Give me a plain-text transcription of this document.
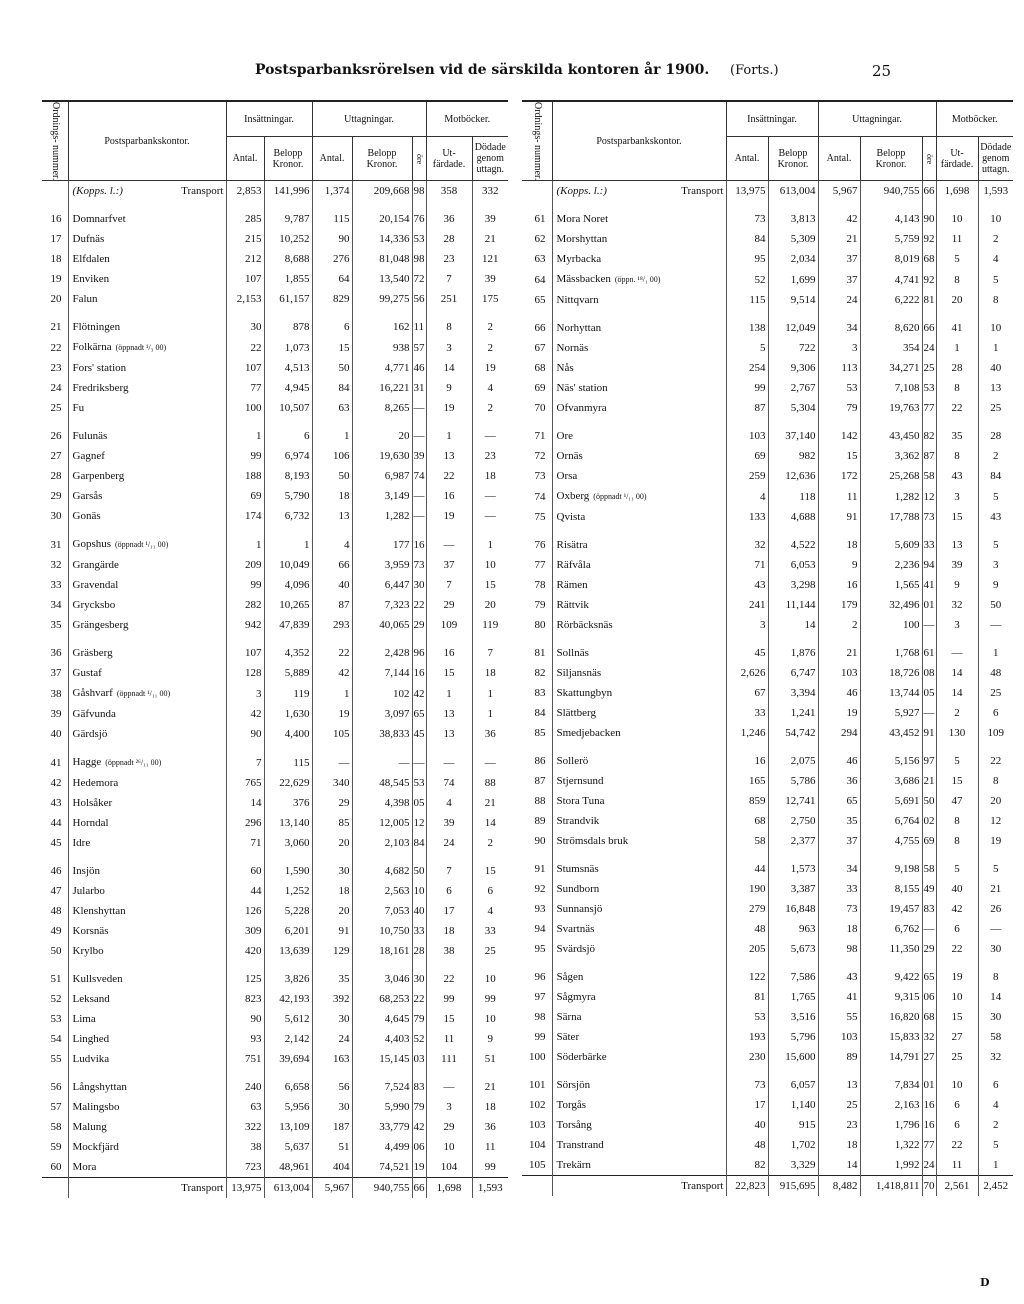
Postsparbanksrörelsen vid de särskilda kontoren år 1900. (Forts.)	25
Ordnings- nummer.	Postsparbankskontor.	Insättningar.		Uttagningar.			Motböcker.	
		Antal.	Belopp Kronor.	Antal.	Belopp
Kronor.	öre	Ut- färdade.	Dödade genom uttagn.
	(Kopps. l.:) Transport	2,853	141,996	1,374	209,668	98	358	332
16	Domnarfvet	285	9,787	115	20,154	76	36	39
17	Dufnäs	215	10,252	90	14,336	53	28	21
18	Elfdalen	212	8,688	276	81,048	98	23	121
19	Enviken	107	1,855	64	13,540	72	7	39
20	Falun	2,153	61,157	829	99,275	56	251	175
21	Flötningen	30	878	6	162	11	8	2
22	Folkärna (öppnadt ¹/₃ 00)	22	1,073	15	938	57	3	2
23	Fors' station	107	4,513	50	4,771	46	14	19
24	Fredriksberg	77	4,945	84	16,221	31	9	4
25	Fu	100	10,507	63	8,265	—	19	2
26	Fulunäs	1	6	1	20	—	1	—
27	Gagnef	99	6,974	106	19,630	39	13	23
28	Garpenberg	188	8,193	50	6,987	74	22	18
29	Garsås	69	5,790	18	3,149	—	16	—
30	Gonäs	174	6,732	13	1,282	—	19	—
31	Gopshus (öppnadt ¹/₁₁ 00)	1	1	4	177	16	—	1
32	Grangärde	209	10,049	66	3,959	73	37	10
33	Gravendal	99	4,096	40	6,447	30	7	15
34	Grycksbo	282	10,265	87	7,323	22	29	20
35	Grängesberg	942	47,839	293	40,065	29	109	119
36	Gräsberg	107	4,352	22	2,428	96	16	7
37	Gustaf	128	5,889	42	7,144	16	15	18
38	Gåshvarf (öppnadt ¹/₁₁ 00)	3	119	1	102	42	1	1
39	Gäfvunda	42	1,630	19	3,097	65	13	1
40	Gärdsjö	90	4,400	105	38,833	45	13	36
41	Hagge (öppnadt ²⁶/₁₁ 00)	7	115	—	—	—	—	—
42	Hedemora	765	22,629	340	48,545	53	74	88
43	Holsåker	14	376	29	4,398	05	4	21
44	Horndal	296	13,140	85	12,005	12	39	14
45	Idre	71	3,060	20	2,103	84	24	2
46	Insjön	60	1,590	30	4,682	50	7	15
47	Jularbo	44	1,252	18	2,563	10	6	6
48	Klenshyttan	126	5,228	20	7,053	40	17	4
49	Korsnäs	309	6,201	91	10,750	33	18	33
50	Krylbo	420	13,639	129	18,161	28	38	25
51	Kullsveden	125	3,826	35	3,046	30	22	10
52	Leksand	823	42,193	392	68,253	22	99	99
53	Lima	90	5,612	30	4,645	79	15	10
54	Linghed	93	2,142	24	4,403	52	11	9
55	Ludvika	751	39,694	163	15,145	03	111	51
56	Långshyttan	240	6,658	56	7,524	83	—	21
57	Malingsbo	63	5,956	30	5,990	79	3	18
58	Malung	322	13,109	187	33,779	42	29	36
59	Mockfjärd	38	5,637	51	4,499	06	10	11
60	Mora	723	48,961	404	74,521	19	104	99
	Transport	13,975	613,004	5,967	940,755	66	1,698	1,593
Ordnings- nummer.	Postsparbankskontor.	Insättningar.		Uttagningar.			Motböcker.	
		Antal.	Belopp Kronor.	Antal.	Belopp
Kronor.	öre	Ut- färdade.	Dödade genom uttagn.
	(Kopps. l.:) Transport	13,975	613,004	5,967	940,755	66	1,698	1,593
61	Mora Noret	73	3,813	42	4,143	90	10	10
62	Morshyttan	84	5,309	21	5,759	92	11	2
63	Myrbacka	95	2,034	37	8,019	68	5	4
64	Mässbacken (öppn. ¹⁸/₁ 00)	52	1,699	37	4,741	92	8	5
65	Nittqvarn	115	9,514	24	6,222	81	20	8
66	Norhyttan	138	12,049	34	8,620	66	41	10
67	Nornäs	5	722	3	354	24	1	1
68	Nås	254	9,306	113	34,271	25	28	40
69	Näs' station	99	2,767	53	7,108	53	8	13
70	Ofvanmyra	87	5,304	79	19,763	77	22	25
71	Ore	103	37,140	142	43,450	82	35	28
72	Ornäs	69	982	15	3,362	87	8	2
73	Orsa	259	12,636	172	25,268	58	43	84
74	Oxberg (öppnadt ¹/₁₁ 00)	4	118	11	1,282	12	3	5
75	Qvista	133	4,688	91	17,788	73	15	43
76	Risätra	32	4,522	18	5,609	33	13	5
77	Räfvåla	71	6,053	9	2,236	94	39	3
78	Rämen	43	3,298	16	1,565	41	9	9
79	Rättvik	241	11,144	179	32,496	01	32	50
80	Rörbäcksnäs	3	14	2	100	—	3	—
81	Sollnäs	45	1,876	21	1,768	61	—	1
82	Siljansnäs	2,626	6,747	103	18,726	08	14	48
83	Skattungbyn	67	3,394	46	13,744	05	14	25
84	Slättberg	33	1,241	19	5,927	—	2	6
85	Smedjebacken	1,246	54,742	294	43,452	91	130	109
86	Sollerö	16	2,075	46	5,156	97	5	22
87	Stjernsund	165	5,786	36	3,686	21	15	8
88	Stora Tuna	859	12,741	65	5,691	50	47	20
89	Strandvik	68	2,750	35	6,764	02	8	12
90	Strömsdals bruk	58	2,377	37	4,755	69	8	19
91	Stumsnäs	44	1,573	34	9,198	58	5	5
92	Sundborn	190	3,387	33	8,155	49	40	21
93	Sunnansjö	279	16,848	73	19,457	83	42	26
94	Svartnäs	48	963	18	6,762	—	6	—
95	Svärdsjö	205	5,673	98	11,350	29	22	30
96	Sågen	122	7,586	43	9,422	65	19	8
97	Sågmyra	81	1,765	41	9,315	06	10	14
98	Särna	53	3,516	55	16,820	68	15	30
99	Säter	193	5,796	103	15,833	32	27	58
100	Söderbärke	230	15,600	89	14,791	27	25	32
101	Sörsjön	73	6,057	13	7,834	01	10	6
102	Torgås	17	1,140	25	2,163	16	6	4
103	Torsång	40	915	23	1,796	16	6	2
104	Transtrand	48	1,702	18	1,322	77	22	5
105	Trekärn	82	3,329	14	1,992	24	11	1
	Transport	22,823	915,695	8,482	1,418,811	70	2,561	2,452
D
